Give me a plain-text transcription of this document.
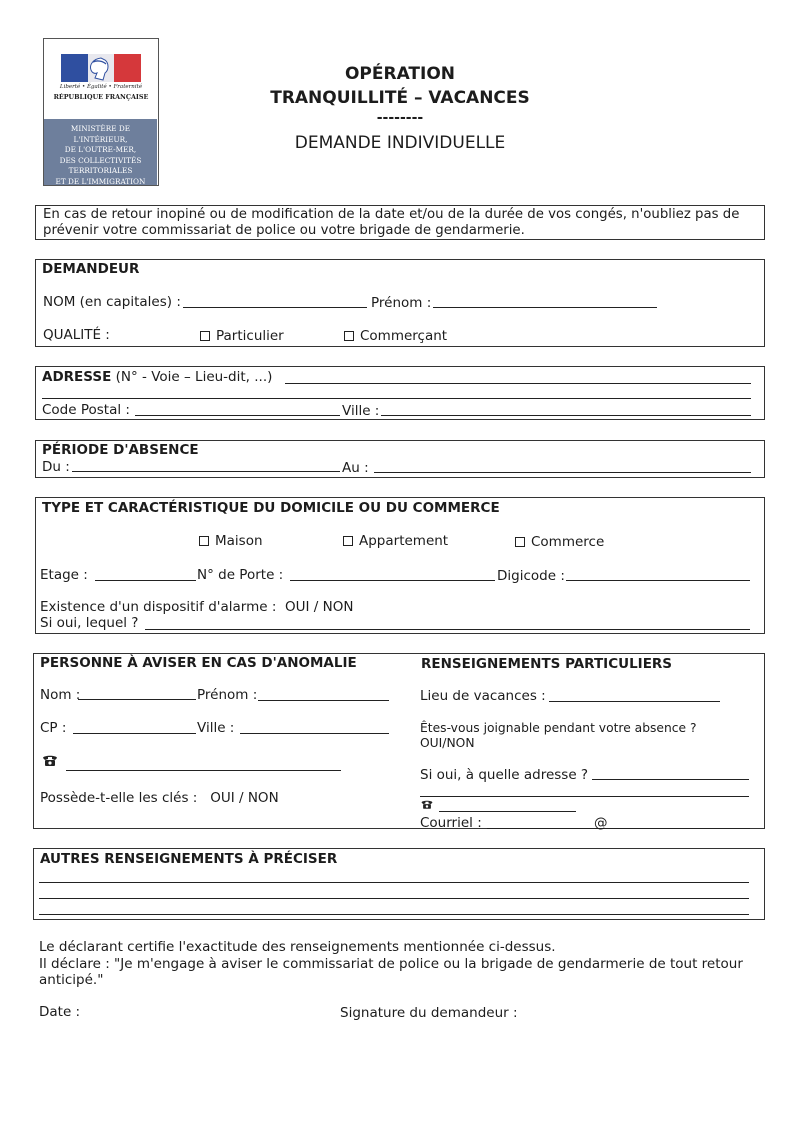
Liberté • Égalité • Fraternité
RÉPUBLIQUE FRANÇAISE
MINISTÈRE DE L'INTÉRIEUR,
DE L'OUTRE-MER,
DES COLLECTIVITÉS
TERRITORIALES
ET DE L'IMMIGRATION
OPÉRATION
TRANQUILLITÉ – VACANCES
--------
DEMANDE INDIVIDUELLE
En cas de retour inopiné ou de modification de la date et/ou de la durée de vos congés, n'oubliez pas de
prévenir votre commissariat de police ou votre brigade de gendarmerie.
DEMANDEUR
NOM (en capitales) :	Prénom :
QUALITÉ :	Particulier	Commerçant
ADRESSE (N° - Voie – Lieu-dit, ...)
Code Postal :	Ville :
PÉRIODE D'ABSENCE
Du :	Au :
TYPE ET CARACTÉRISTIQUE DU DOMICILE OU DU COMMERCE
Maison	Appartement	Commerce
Etage :	N° de Porte :	Digicode :
Existence d'un dispositif d'alarme : OUI / NON
Si oui, lequel ?
PERSONNE À AVISER EN CAS D'ANOMALIE	RENSEIGNEMENTS PARTICULIERS
Nom :	Prénom :
CP :	Ville :
Possède-t-elle les clés : OUI / NON
Lieu de vacances :
Êtes-vous joignable pendant votre absence ?
OUI/NON
Si oui, à quelle adresse ?
Courriel :	@
AUTRES RENSEIGNEMENTS À PRÉCISER
Le déclarant certifie l'exactitude des renseignements mentionnée ci-dessus.
Il déclare : "Je m'engage à aviser le commissariat de police ou la brigade de gendarmerie de tout retour
anticipé."
Date :	Signature du demandeur :
